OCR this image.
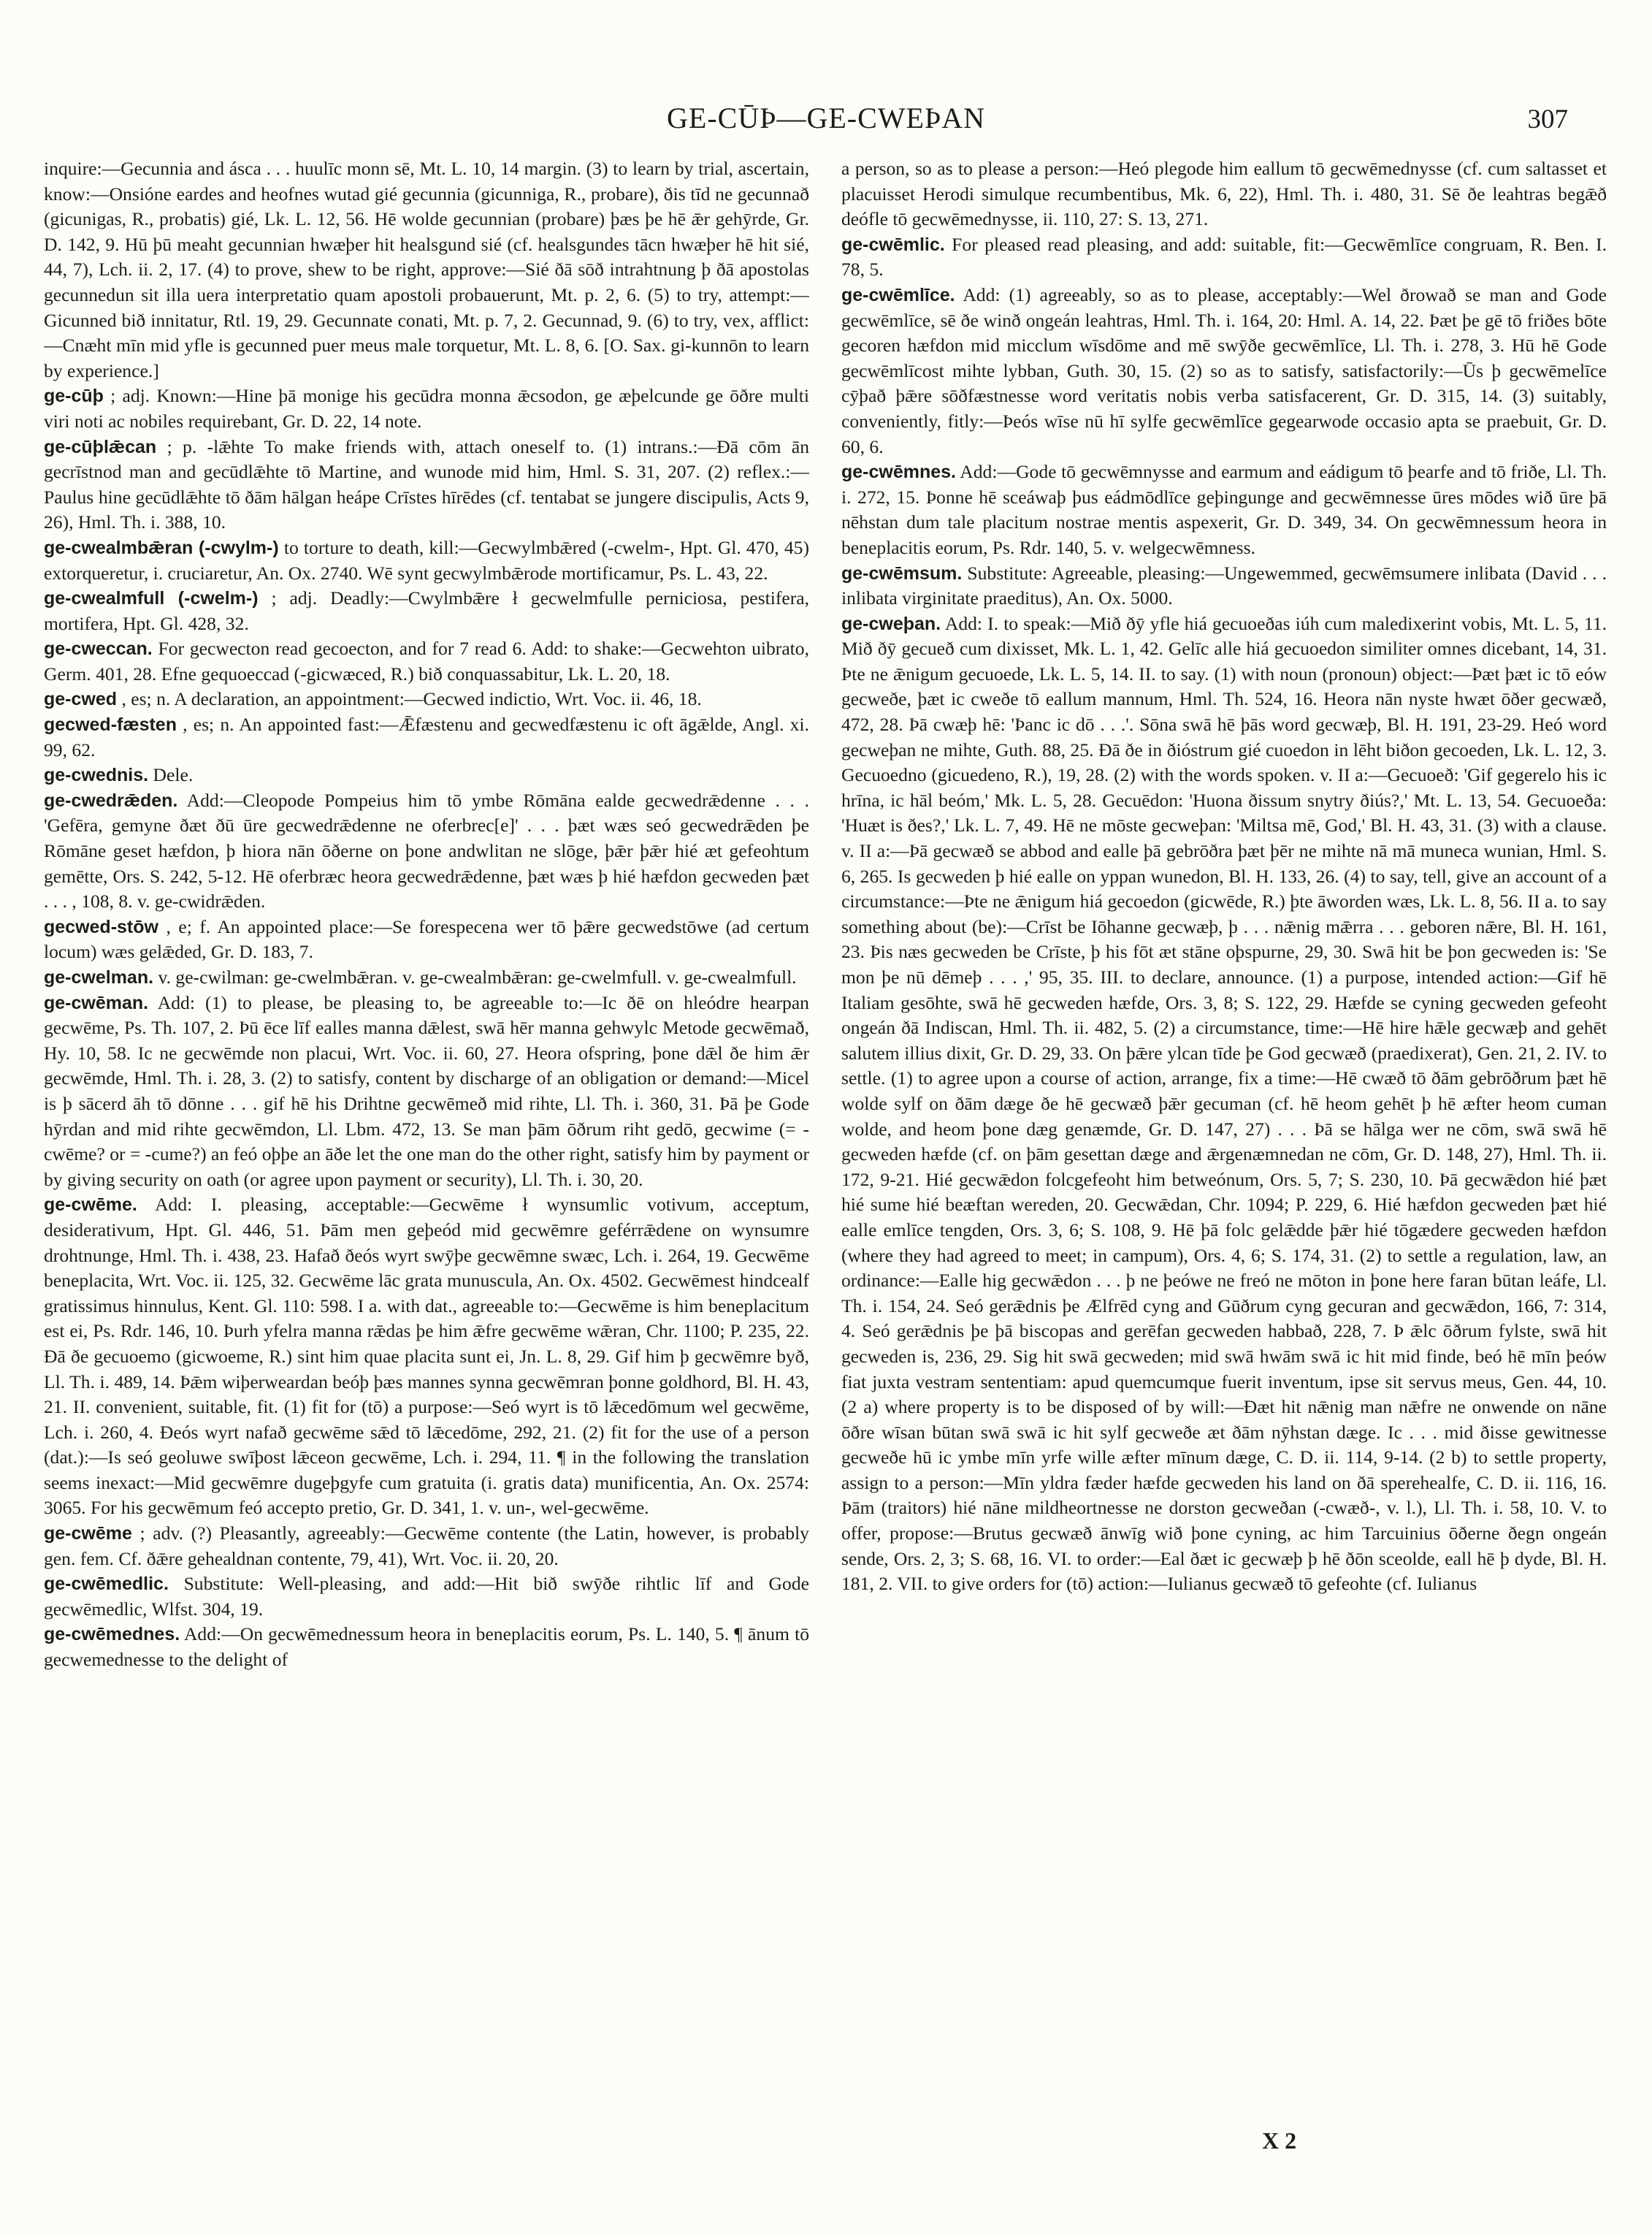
GE-CŪÞ—GE-CWEÞAN	307

inquire:—Gecunnia and ásca . . . huulīc monn sē, Mt. L. 10, 14 margin. (3) to learn by trial, ascertain, know:—Onsióne eardes and heofnes wutad gié gecunnia (gicunniga, R., probare), ðis tīd ne gecunnað (gicunigas, R., probatis) gié, Lk. L. 12, 56. Hē wolde gecunnian (probare) þæs þe hē ǣr gehȳrde, Gr. D. 142, 9. Hū þū meaht gecunnian hwæþer hit healsgund sié (cf. healsgundes tācn hwæþer hē hit sié, 44, 7), Lch. ii. 2, 17. (4) to prove, shew to be right, approve:—Sié ðā sōð intrahtnung þ ðā apostolas gecunnedun sit illa uera interpretatio quam apostoli probauerunt, Mt. p. 2, 6. (5) to try, attempt:—Gicunned bið innitatur, Rtl. 19, 29. Gecunnate conati, Mt. p. 7, 2. Gecunnad, 9. (6) to try, vex, afflict:—Cnæht mīn mid yfle is gecunned puer meus male torquetur, Mt. L. 8, 6. [O. Sax. gi-kunnōn to learn by experience.]

ge-cūþ ; adj. Known:—Hine þā monige his gecūdra monna ǣcsodon, ge æþelcunde ge ōðre multi viri noti ac nobiles requirebant, Gr. D. 22, 14 note.

ge-cūþlǣcan ; p. -lǣhte To make friends with, attach oneself to. (1) intrans.:—Đā cōm ān gecrīstnod man and gecūdlǣhte tō Martine, and wunode mid him, Hml. S. 31, 207. (2) reflex.:—Paulus hine gecūdlǣhte tō ðām hālgan heápe Crīstes hīrēdes (cf. tentabat se jungere discipulis, Acts 9, 26), Hml. Th. i. 388, 10.

ge-cwealmbǣran (-cwylm-) to torture to death, kill:—Gecwylmbǣred (-cwelm-, Hpt. Gl. 470, 45) extorqueretur, i. cruciaretur, An. Ox. 2740. Wē synt gecwylmbǣrode mortificamur, Ps. L. 43, 22.

ge-cwealmfull (-cwelm-) ; adj. Deadly:—Cwylmbǣre ł gecwelmfulle perniciosa, pestifera, mortifera, Hpt. Gl. 428, 32.

ge-cweccan. For gecwecton read gecoecton, and for 7 read 6. Add: to shake:—Gecwehton uibrato, Germ. 401, 28. Efne gequoeccad (-gicwæced, R.) bið conquassabitur, Lk. L. 20, 18.

ge-cwed , es; n. A declaration, an appointment:—Gecwed indictio, Wrt. Voc. ii. 46, 18.

gecwed-fæsten , es; n. An appointed fast:—Ǣfæstenu and gecwedfæstenu ic oft āgǣlde, Angl. xi. 99, 62.

ge-cwednis. Dele.

ge-cwedrǣden. Add:—Cleopode Pompeius him tō ymbe Rōmāna ealde gecwedrǣdenne . . . 'Gefēra, gemyne ðæt ðū ūre gecwedrǣdenne ne oferbrec[e]' . . . þæt wæs seó gecwedrǣden þe Rōmāne geset hæfdon, þ hiora nān ōðerne on þone andwlitan ne slōge, þǣr þǣr hié æt gefeohtum gemētte, Ors. S. 242, 5-12. Hē oferbræc heora gecwedrǣdenne, þæt wæs þ hié hæfdon gecweden þæt . . . , 108, 8. v. ge-cwidrǣden.

gecwed-stōw , e; f. An appointed place:—Se forespecena wer tō þǣre gecwedstōwe (ad certum locum) wæs gelǣded, Gr. D. 183, 7.

ge-cwelman. v. ge-cwilman: ge-cwelmbǣran. v. ge-cwealmbǣran: ge-cwelmfull. v. ge-cwealmfull.

ge-cwēman. Add: (1) to please, be pleasing to, be agreeable to:—Ic ðē on hleódre hearpan gecwēme, Ps. Th. 107, 2. Þū ēce līf ealles manna dǣlest, swā hēr manna gehwylc Metode gecwēmað, Hy. 10, 58. Ic ne gecwēmde non placui, Wrt. Voc. ii. 60, 27. Heora ofspring, þone dǣl ðe him ǣr gecwēmde, Hml. Th. i. 28, 3. (2) to satisfy, content by discharge of an obligation or demand:—Micel is þ sācerd āh tō dōnne . . . gif hē his Drihtne gecwēmeð mid rihte, Ll. Th. i. 360, 31. Þā þe Gode hȳrdan and mid rihte gecwēmdon, Ll. Lbm. 472, 13. Se man þām ōðrum riht gedō, gecwime (= -cwēme? or = -cume?) an feó oþþe an āðe let the one man do the other right, satisfy him by payment or by giving security on oath (or agree upon payment or security), Ll. Th. i. 30, 20.

ge-cwēme. Add: I. pleasing, acceptable:—Gecwēme ł wynsumlic votivum, acceptum, desiderativum, Hpt. Gl. 446, 51. Þām men geþeód mid gecwēmre geférrǣdene on wynsumre drohtnunge, Hml. Th. i. 438, 23. Hafað ðeós wyrt swȳþe gecwēmne swæc, Lch. i. 264, 19. Gecwēme beneplacita, Wrt. Voc. ii. 125, 32. Gecwēme lāc grata munuscula, An. Ox. 4502. Gecwēmest hindcealf gratissimus hinnulus, Kent. Gl. 110: 598. I a. with dat., agreeable to:—Gecwēme is him beneplacitum est ei, Ps. Rdr. 146, 10. Þurh yfelra manna rǣdas þe him ǣfre gecwēme wǣran, Chr. 1100; P. 235, 22. Đā ðe gecuoemo (gicwoeme, R.) sint him quae placita sunt ei, Jn. L. 8, 29. Gif him þ gecwēmre byð, Ll. Th. i. 489, 14. Þǣm wiþerweardan beóþ þæs mannes synna gecwēmran þonne goldhord, Bl. H. 43, 21. II. convenient, suitable, fit. (1) fit for (tō) a purpose:—Seó wyrt is tō lǣcedōmum wel gecwēme, Lch. i. 260, 4. Đeós wyrt nafað gecwēme sǣd tō lǣcedōme, 292, 21. (2) fit for the use of a person (dat.):—Is seó geoluwe swīþost lǣceon gecwēme, Lch. i. 294, 11. ¶ in the following the translation seems inexact:—Mid gecwēmre dugeþgyfe cum gratuita (i. gratis data) munificentia, An. Ox. 2574: 3065. For his gecwēmum feó accepto pretio, Gr. D. 341, 1. v. un-, wel-gecwēme.

ge-cwēme ; adv. (?) Pleasantly, agreeably:—Gecwēme contente (the Latin, however, is probably gen. fem. Cf. ðǣre gehealdnan contente, 79, 41), Wrt. Voc. ii. 20, 20.

ge-cwēmedlic. Substitute: Well-pleasing, and add:—Hit bið swȳðe rihtlic līf and Gode gecwēmedlic, Wlfst. 304, 19.

ge-cwēmednes. Add:—On gecwēmednessum heora in beneplacitis eorum, Ps. L. 140, 5. ¶ ānum tō gecwemednesse to the delight of

a person, so as to please a person:—Heó plegode him eallum tō gecwēmednysse (cf. cum saltasset et placuisset Herodi simulque recumbentibus, Mk. 6, 22), Hml. Th. i. 480, 31. Sē ðe leahtras begǣð deófle tō gecwēmednysse, ii. 110, 27: S. 13, 271.

ge-cwēmlic. For pleased read pleasing, and add: suitable, fit:—Gecwēmlīce congruam, R. Ben. I. 78, 5.

ge-cwēmlīce. Add: (1) agreeably, so as to please, acceptably:—Wel ðrowað se man and Gode gecwēmlīce, sē ðe winð ongeán leahtras, Hml. Th. i. 164, 20: Hml. A. 14, 22. Þæt þe gē tō friðes bōte gecoren hæfdon mid micclum wīsdōme and mē swȳðe gecwēmlīce, Ll. Th. i. 278, 3. Hū hē Gode gecwēmlīcost mihte lybban, Guth. 30, 15. (2) so as to satisfy, satisfactorily:—Ūs þ gecwēmelīce cȳþað þǣre sōðfæstnesse word veritatis nobis verba satisfacerent, Gr. D. 315, 14. (3) suitably, conveniently, fitly:—Þeós wīse nū hī sylfe gecwēmlīce gegearwode occasio apta se praebuit, Gr. D. 60, 6.

ge-cwēmnes. Add:—Gode tō gecwēmnysse and earmum and eádigum tō þearfe and tō friðe, Ll. Th. i. 272, 15. Þonne hē sceáwaþ þus eádmōdlīce geþingunge and gecwēmnesse ūres mōdes wið ūre þā nēhstan dum tale placitum nostrae mentis aspexerit, Gr. D. 349, 34. On gecwēmnessum heora in beneplacitis eorum, Ps. Rdr. 140, 5. v. welgecwēmness.

ge-cwēmsum. Substitute: Agreeable, pleasing:—Ungewemmed, gecwēmsumere inlibata (David . . . inlibata virginitate praeditus), An. Ox. 5000.

ge-cweþan. Add: I. to speak:—Mið ðȳ yfle hiá gecuoeðas iúh cum maledixerint vobis, Mt. L. 5, 11. Mið ðȳ gecueð cum dixisset, Mk. L. 1, 42. Gelīc alle hiá gecuoedon similiter omnes dicebant, 14, 31. Þte ne ǣnigum gecuoede, Lk. L. 5, 14. II. to say. (1) with noun (pronoun) object:—Þæt þæt ic tō eów gecweðe, þæt ic cweðe tō eallum mannum, Hml. Th. 524, 16. Heora nān nyste hwæt ōðer gecwæð, 472, 28. Þā cwæþ hē: 'Þanc ic dō . . .'. Sōna swā hē þās word gecwæþ, Bl. H. 191, 23-29. Heó word gecweþan ne mihte, Guth. 88, 25. Đā ðe in ðióstrum gié cuoedon in lēht biðon gecoeden, Lk. L. 12, 3. Gecuoedno (gicuedeno, R.), 19, 28. (2) with the words spoken. v. II a:—Gecuoeð: 'Gif gegerelo his ic hrīna, ic hāl beóm,' Mk. L. 5, 28. Gecuēdon: 'Huona ðissum snytry ðiús?,' Mt. L. 13, 54. Gecuoeða: 'Huæt is ðes?,' Lk. L. 7, 49. Hē ne mōste gecweþan: 'Miltsa mē, God,' Bl. H. 43, 31. (3) with a clause. v. II a:—Þā gecwæð se abbod and ealle þā gebrōðra þæt þēr ne mihte nā mā muneca wunian, Hml. S. 6, 265. Is gecweden þ hié ealle on yppan wunedon, Bl. H. 133, 26. (4) to say, tell, give an account of a circumstance:—Þte ne ǣnigum hiá gecoedon (gicwēde, R.) þte āworden wæs, Lk. L. 8, 56. II a. to say something about (be):—Crīst be Iōhanne gecwæþ, þ . . . nǣnig mǣrra . . . geboren nǣre, Bl. H. 161, 23. Þis næs gecweden be Crīste, þ his fōt æt stāne oþspurne, 29, 30. Swā hit be þon gecweden is: 'Se mon þe nū dēmeþ . . . ,' 95, 35. III. to declare, announce. (1) a purpose, intended action:—Gif hē Italiam gesōhte, swā hē gecweden hæfde, Ors. 3, 8; S. 122, 29. Hæfde se cyning gecweden gefeoht ongeán ðā Indiscan, Hml. Th. ii. 482, 5. (2) a circumstance, time:—Hē hire hǣle gecwæþ and gehēt salutem illius dixit, Gr. D. 29, 33. On þǣre ylcan tīde þe God gecwæð (praedixerat), Gen. 21, 2. IV. to settle. (1) to agree upon a course of action, arrange, fix a time:—Hē cwæð tō ðām gebrōðrum þæt hē wolde sylf on ðām dæge ðe hē gecwæð þǣr gecuman (cf. hē heom gehēt þ hē æfter heom cuman wolde, and heom þone dæg genæmde, Gr. D. 147, 27) . . . Þā se hālga wer ne cōm, swā swā hē gecweden hæfde (cf. on þām gesettan dæge and ǣrgenæmnedan ne cōm, Gr. D. 148, 27), Hml. Th. ii. 172, 9-21. Hié gecwǣdon folcgefeoht him betweónum, Ors. 5, 7; S. 230, 10. Þā gecwǣdon hié þæt hié sume hié beæftan wereden, 20. Gecwǣdan, Chr. 1094; P. 229, 6. Hié hæfdon gecweden þæt hié ealle emlīce tengden, Ors. 3, 6; S. 108, 9. Hē þā folc gelǣdde þǣr hié tōgædere gecweden hæfdon (where they had agreed to meet; in campum), Ors. 4, 6; S. 174, 31. (2) to settle a regulation, law, an ordinance:—Ealle hig gecwǣdon . . . þ ne þeówe ne freó ne mōton in þone here faran būtan leáfe, Ll. Th. i. 154, 24. Seó gerǣdnis þe Ælfrēd cyng and Gūðrum cyng gecuran and gecwǣdon, 166, 7: 314, 4. Seó gerǣdnis þe þā biscopas and gerēfan gecweden habbað, 228, 7. Þ ǣlc ōðrum fylste, swā hit gecweden is, 236, 29. Sig hit swā gecweden; mid swā hwām swā ic hit mid finde, beó hē mīn þeów fiat juxta vestram sententiam: apud quemcumque fuerit inventum, ipse sit servus meus, Gen. 44, 10. (2 a) where property is to be disposed of by will:—Đæt hit nǣnig man nǣfre ne onwende on nāne ōðre wīsan būtan swā swā ic hit sylf gecweðe æt ðām nȳhstan dæge. Ic . . . mid ðisse gewitnesse gecweðe hū ic ymbe mīn yrfe wille æfter mīnum dæge, C. D. ii. 114, 9-14. (2 b) to settle property, assign to a person:—Mīn yldra fæder hæfde gecweden his land on ðā sperehealfe, C. D. ii. 116, 16. Þām (traitors) hié nāne mildheortnesse ne dorston gecweðan (-cwæð-, v. l.), Ll. Th. i. 58, 10. V. to offer, propose:—Brutus gecwæð ānwīg wið þone cyning, ac him Tarcuinius ōðerne ðegn ongeán sende, Ors. 2, 3; S. 68, 16. VI. to order:—Eal ðæt ic gecwæþ þ hē ðōn sceolde, eall hē þ dyde, Bl. H. 181, 2. VII. to give orders for (tō) action:—Iulianus gecwæð tō gefeohte (cf. Iulianus

X 2
